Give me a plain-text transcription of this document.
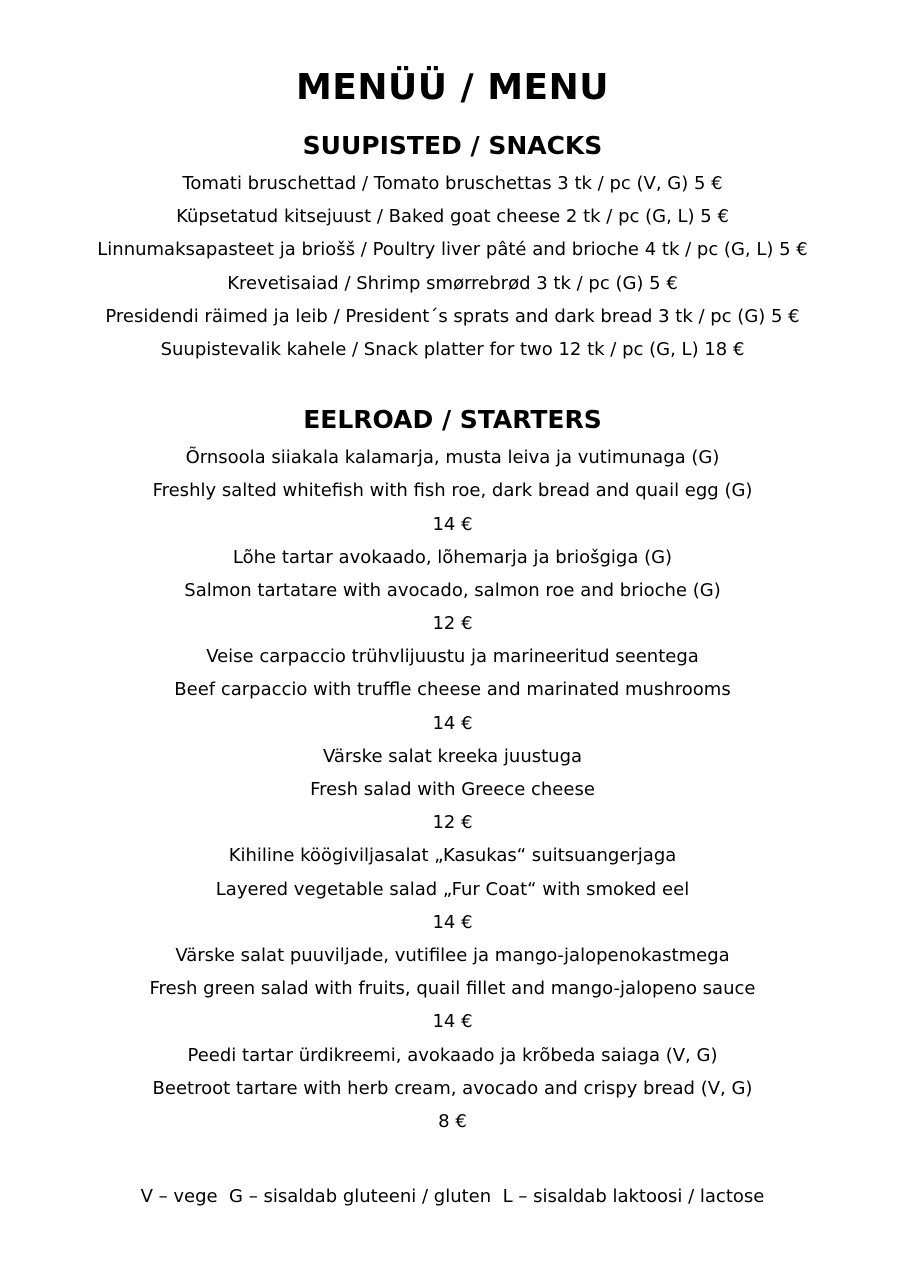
MENÜÜ / MENU
SUUPISTED / SNACKS
Tomati bruschettad / Tomato bruschettas 3 tk / pc (V, G) 5 €
Küpsetatud kitsejuust / Baked goat cheese 2 tk / pc (G, L) 5 €
Linnumaksapasteet ja briošš / Poultry liver pâté and brioche 4 tk / pc (G, L) 5 €
Krevetisaiad / Shrimp smørrebrød 3 tk / pc (G) 5 €
Presidendi räimed ja leib / President´s sprats and dark bread 3 tk / pc (G) 5 €
Suupistevalik kahele / Snack platter for two 12 tk / pc (G, L) 18 €
EELROAD / STARTERS
Õrnsoola siiakala kalamarja, musta leiva ja vutimunaga (G)
Freshly salted whitefish with fish roe, dark bread and quail egg (G)
14 €
Lõhe tartar avokaado, lõhemarja ja briošgiga (G)
Salmon tartatare with avocado, salmon roe and brioche (G)
12 €
Veise carpaccio trühvlijuustu ja marineeritud seentega
Beef carpaccio with truffle cheese and marinated mushrooms
14 €
Värske salat kreeka juustuga
Fresh salad with Greece cheese
12 €
Kihiline köögiviljasalat „Kasukas“ suitsuangerjaga
Layered vegetable salad „Fur Coat“ with smoked eel
14 €
Värske salat puuviljade, vutifilee ja mango-jalopenokastmega
Fresh green salad with fruits, quail fillet and mango-jalopeno sauce
14 €
Peedi tartar ürdikreemi, avokaado ja krõbeda saiaga (V, G)
Beetroot tartare with herb cream, avocado and crispy bread (V, G)
8 €
V – vege  G – sisaldab gluteeni / gluten  L – sisaldab laktoosi / lactose
